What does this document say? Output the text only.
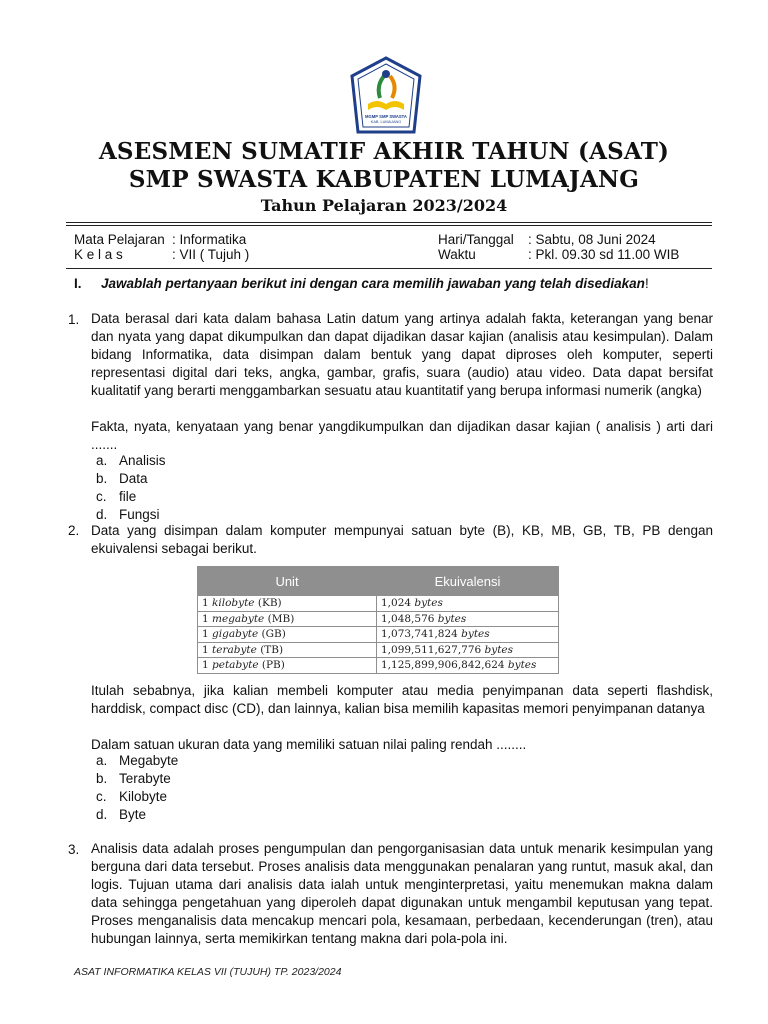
MGMP SMP SWASTA
KAB. LUMAJANG
ASESMEN SUMATIF AKHIR TAHUN (ASAT)
SMP SWASTA KABUPATEN LUMAJANG
Tahun Pelajaran 2023/2024
Mata Pelajaran : Informatika
K e l a s	: VII ( Tujuh )
Hari/Tanggal : Sabtu, 08 Juni 2024
Waktu	: Pkl. 09.30 sd 11.00 WIB
I. Jawablah pertanyaan berikut ini dengan cara memilih jawaban yang telah disediakan!
1. Data berasal dari kata dalam bahasa Latin datum yang artinya adalah fakta, keterangan yang benar dan nyata yang dapat dikumpulkan dan dapat dijadikan dasar kajian (analisis atau kesimpulan). Dalam bidang Informatika, data disimpan dalam bentuk yang dapat diproses oleh komputer, seperti representasi digital dari teks, angka, gambar, grafis, suara (audio) atau video. Data dapat bersifat kualitatif yang berarti menggambarkan sesuatu atau kuantitatif yang berupa informasi numerik (angka)

Fakta, nyata, kenyataan yang benar yangdikumpulkan dan dijadikan dasar kajian ( analisis ) arti dari .......

a. Analisis
b. Data
c. file
d. Fungsi
2. Data yang disimpan dalam komputer mempunyai satuan byte (B), KB, MB, GB, TB, PB dengan ekuivalensi sebagai berikut.

Unit	Ekuivalensi
1 kilobyte (KB)	1,024 bytes
1 megabyte (MB)	1,048,576 bytes
1 gigabyte (GB)	1,073,741,824 bytes
1 terabyte (TB)	1,099,511,627,776 bytes
1 petabyte (PB)	1,125,899,906,842,624 bytes

Itulah sebabnya, jika kalian membeli komputer atau media penyimpanan data seperti flashdisk, harddisk, compact disc (CD), dan lainnya, kalian bisa memilih kapasitas memori penyimpanan datanya

Dalam satuan ukuran data yang memiliki satuan nilai paling rendah ........

a. Megabyte
b. Terabyte
c. Kilobyte
d. Byte
3. Analisis data adalah proses pengumpulan dan pengorganisasian data untuk menarik kesimpulan yang berguna dari data tersebut. Proses analisis data menggunakan penalaran yang runtut, masuk akal, dan logis. Tujuan utama dari analisis data ialah untuk menginterpretasi, yaitu menemukan makna dalam data sehingga pengetahuan yang diperoleh dapat digunakan untuk mengambil keputusan yang tepat. Proses menganalisis data mencakup mencari pola, kesamaan, perbedaan, kecenderungan (tren), atau hubungan lainnya, serta memikirkan tentang makna dari pola-pola ini.

ASAT INFORMATIKA KELAS VII (TUJUH) TP. 2023/2024
